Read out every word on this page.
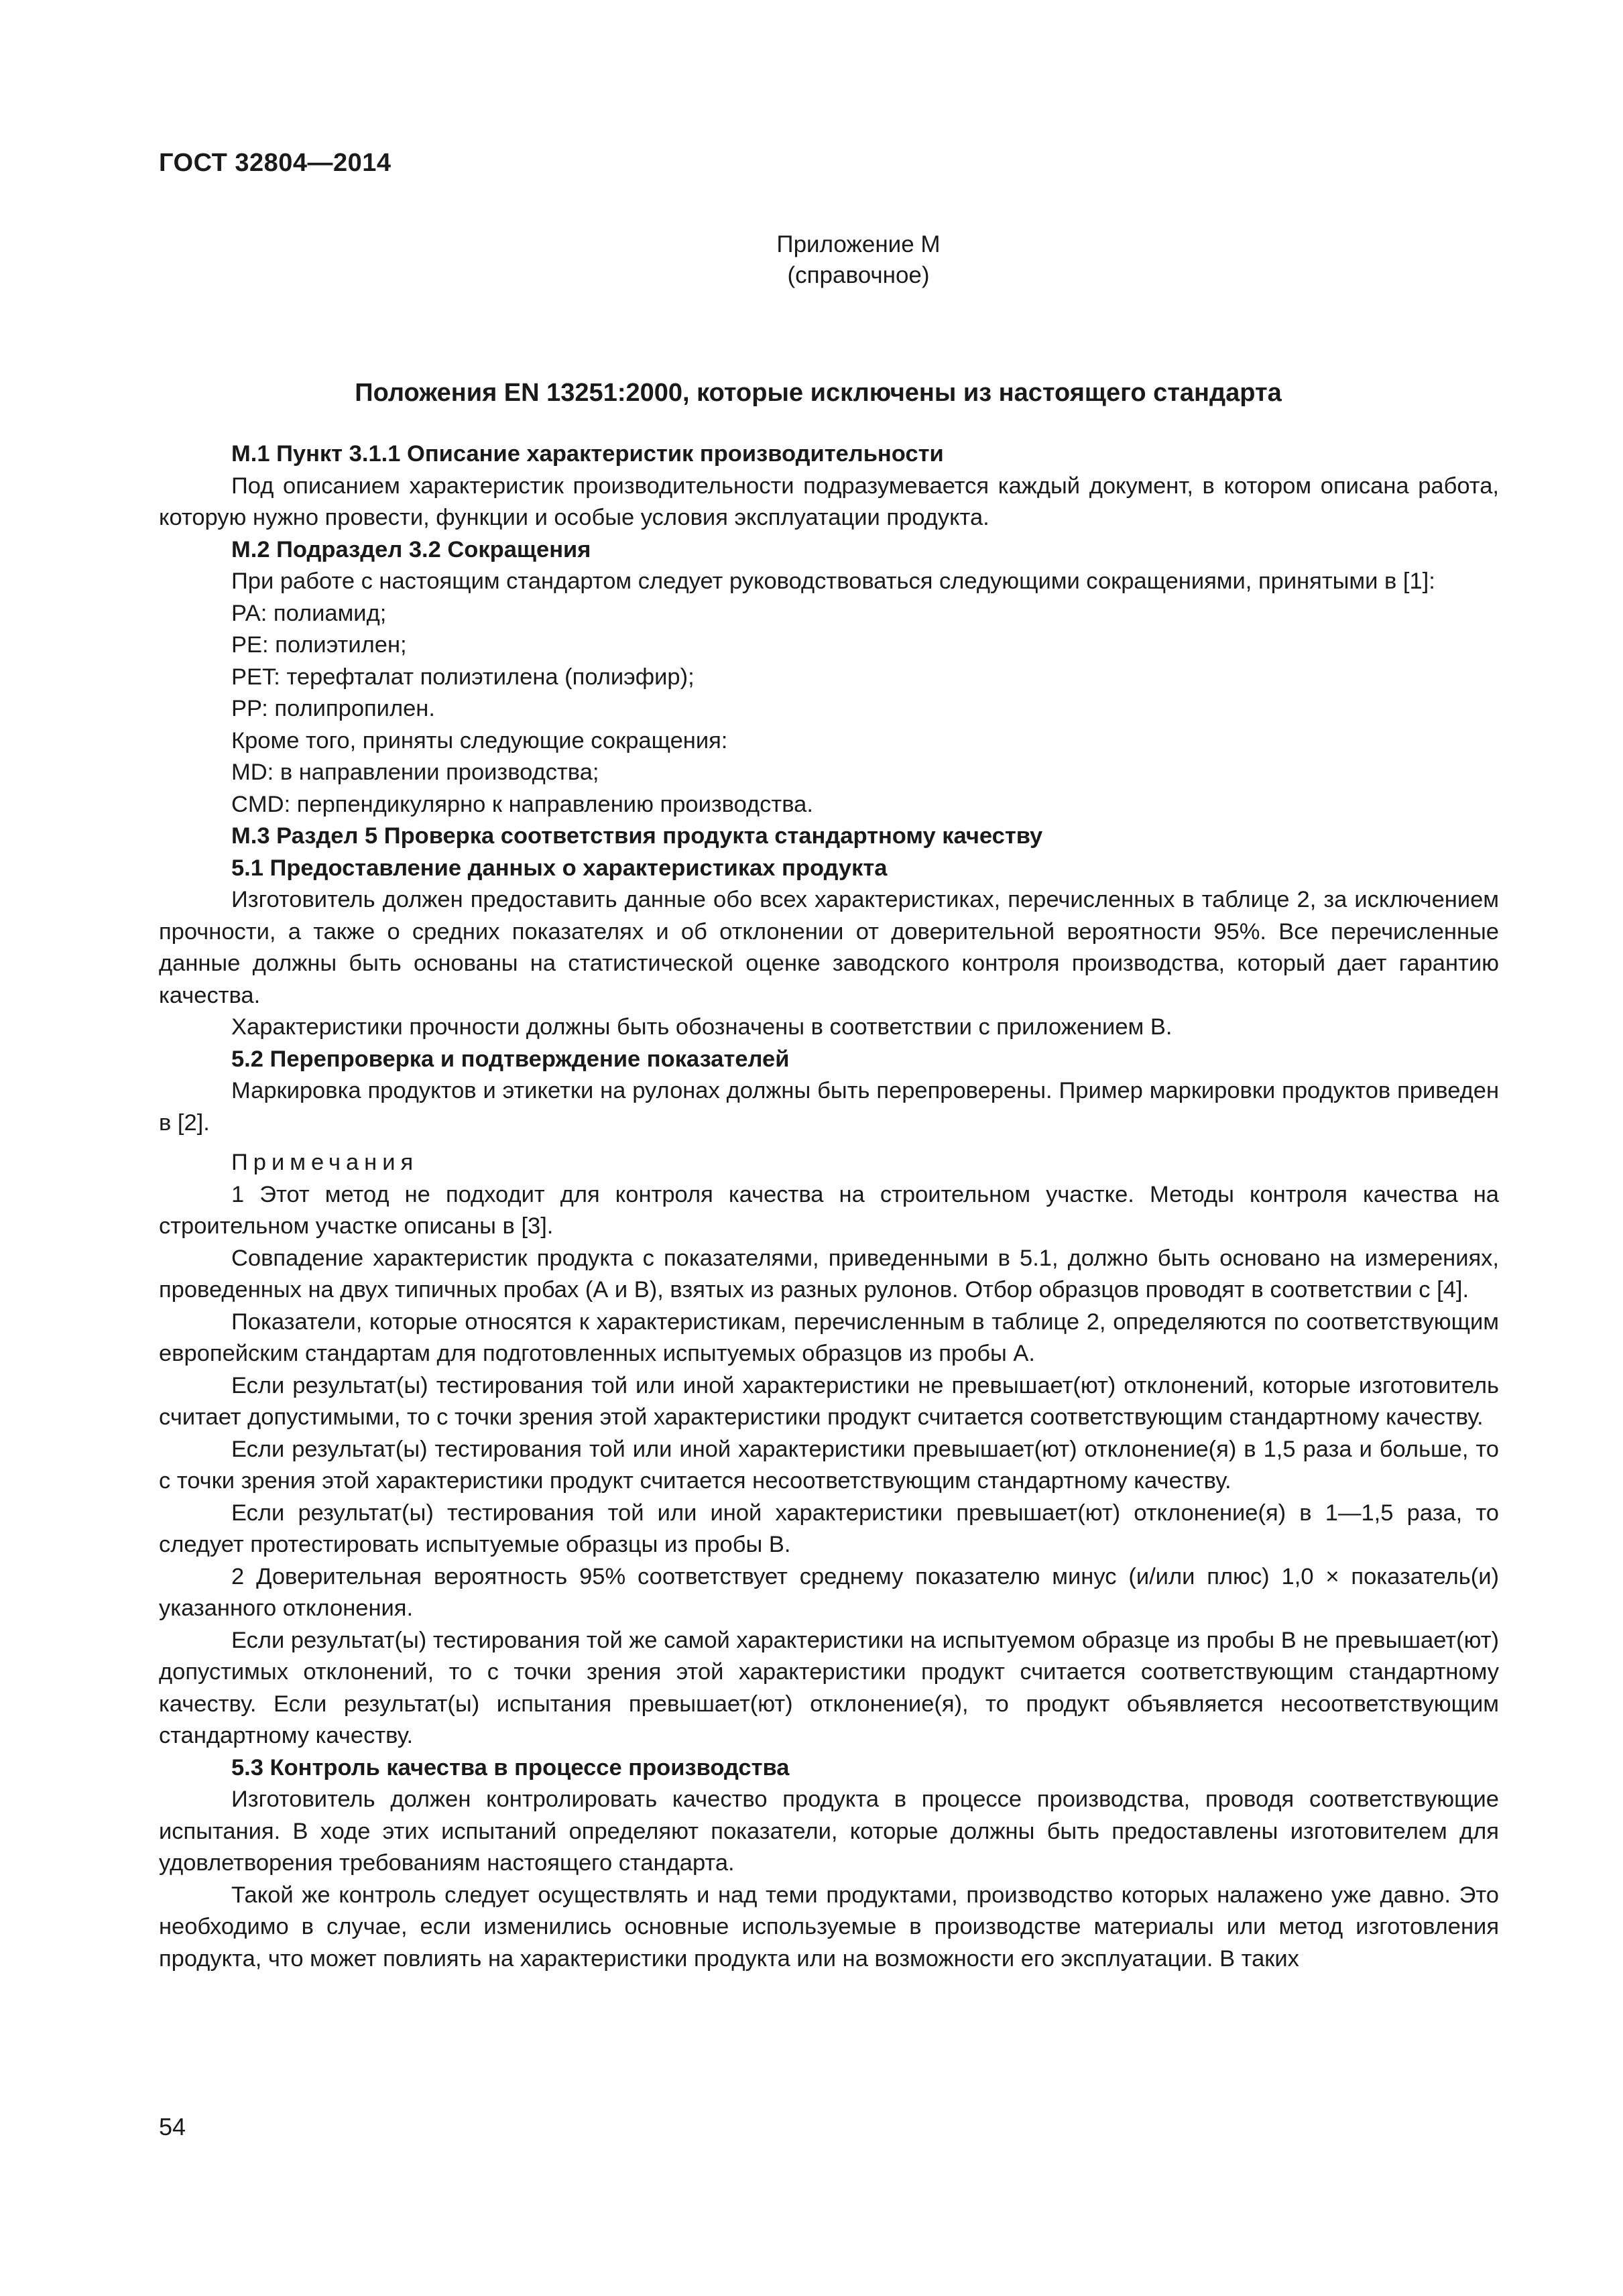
ГОСТ 32804—2014
Приложение М
(справочное)
Положения EN 13251:2000, которые исключены из настоящего стандарта
М.1 Пункт 3.1.1 Описание характеристик производительности

Под описанием характеристик производительности подразумевается каждый документ, в котором описана работа, которую нужно провести, функции и особые условия эксплуатации продукта.

М.2 Подраздел 3.2 Сокращения

При работе с настоящим стандартом следует руководствоваться следующими сокращениями, принятыми в [1]:

РА: полиамид;
РЕ: полиэтилен;
PET: терефталат полиэтилена (полиэфир);
РР: полипропилен.
Кроме того, приняты следующие сокращения:
MD: в направлении производства;
CMD: перпендикулярно к направлению производства.
М.3 Раздел 5 Проверка соответствия продукта стандартному качеству
5.1 Предоставление данных о характеристиках продукта

Изготовитель должен предоставить данные обо всех характеристиках, перечисленных в таблице 2, за исключением прочности, а также о средних показателях и об отклонении от доверительной вероятности 95%. Все перечисленные данные должны быть основаны на статистической оценке заводского контроля производства, который дает гарантию качества.

Характеристики прочности должны быть обозначены в соответствии с приложением В.

5.2 Перепроверка и подтверждение показателей

Маркировка продуктов и этикетки на рулонах должны быть перепроверены. Пример маркировки продуктов приведен в [2].

Примечания

1 Этот метод не подходит для контроля качества на строительном участке. Методы контроля качества на строительном участке описаны в [3].

Совпадение характеристик продукта с показателями, приведенными в 5.1, должно быть основано на измерениях, проведенных на двух типичных пробах (А и В), взятых из разных рулонов. Отбор образцов проводят в соответствии с [4].

Показатели, которые относятся к характеристикам, перечисленным в таблице 2, определяются по соответствующим европейским стандартам для подготовленных испытуемых образцов из пробы А.

Если результат(ы) тестирования той или иной характеристики не превышает(ют) отклонений, которые изготовитель считает допустимыми, то с точки зрения этой характеристики продукт считается соответствующим стандартному качеству.

Если результат(ы) тестирования той или иной характеристики превышает(ют) отклонение(я) в 1,5 раза и больше, то с точки зрения этой характеристики продукт считается несоответствующим стандартному качеству.

Если результат(ы) тестирования той или иной характеристики превышает(ют) отклонение(я) в 1—1,5 раза, то следует протестировать испытуемые образцы из пробы В.

2 Доверительная вероятность 95% соответствует среднему показателю минус (и/или плюс) 1,0 × показатель(и) указанного отклонения.

Если результат(ы) тестирования той же самой характеристики на испытуемом образце из пробы В не превышает(ют) допустимых отклонений, то с точки зрения этой характеристики продукт считается соответствующим стандартному качеству. Если результат(ы) испытания превышает(ют) отклонение(я), то продукт объявляется несоответствующим стандартному качеству.

5.3 Контроль качества в процессе производства

Изготовитель должен контролировать качество продукта в процессе производства, проводя соответствующие испытания. В ходе этих испытаний определяют показатели, которые должны быть предоставлены изготовителем для удовлетворения требованиям настоящего стандарта.

Такой же контроль следует осуществлять и над теми продуктами, производство которых налажено уже давно. Это необходимо в случае, если изменились основные используемые в производстве материалы или метод изготовления продукта, что может повлиять на характеристики продукта или на возможности его эксплуатации. В таких

54
